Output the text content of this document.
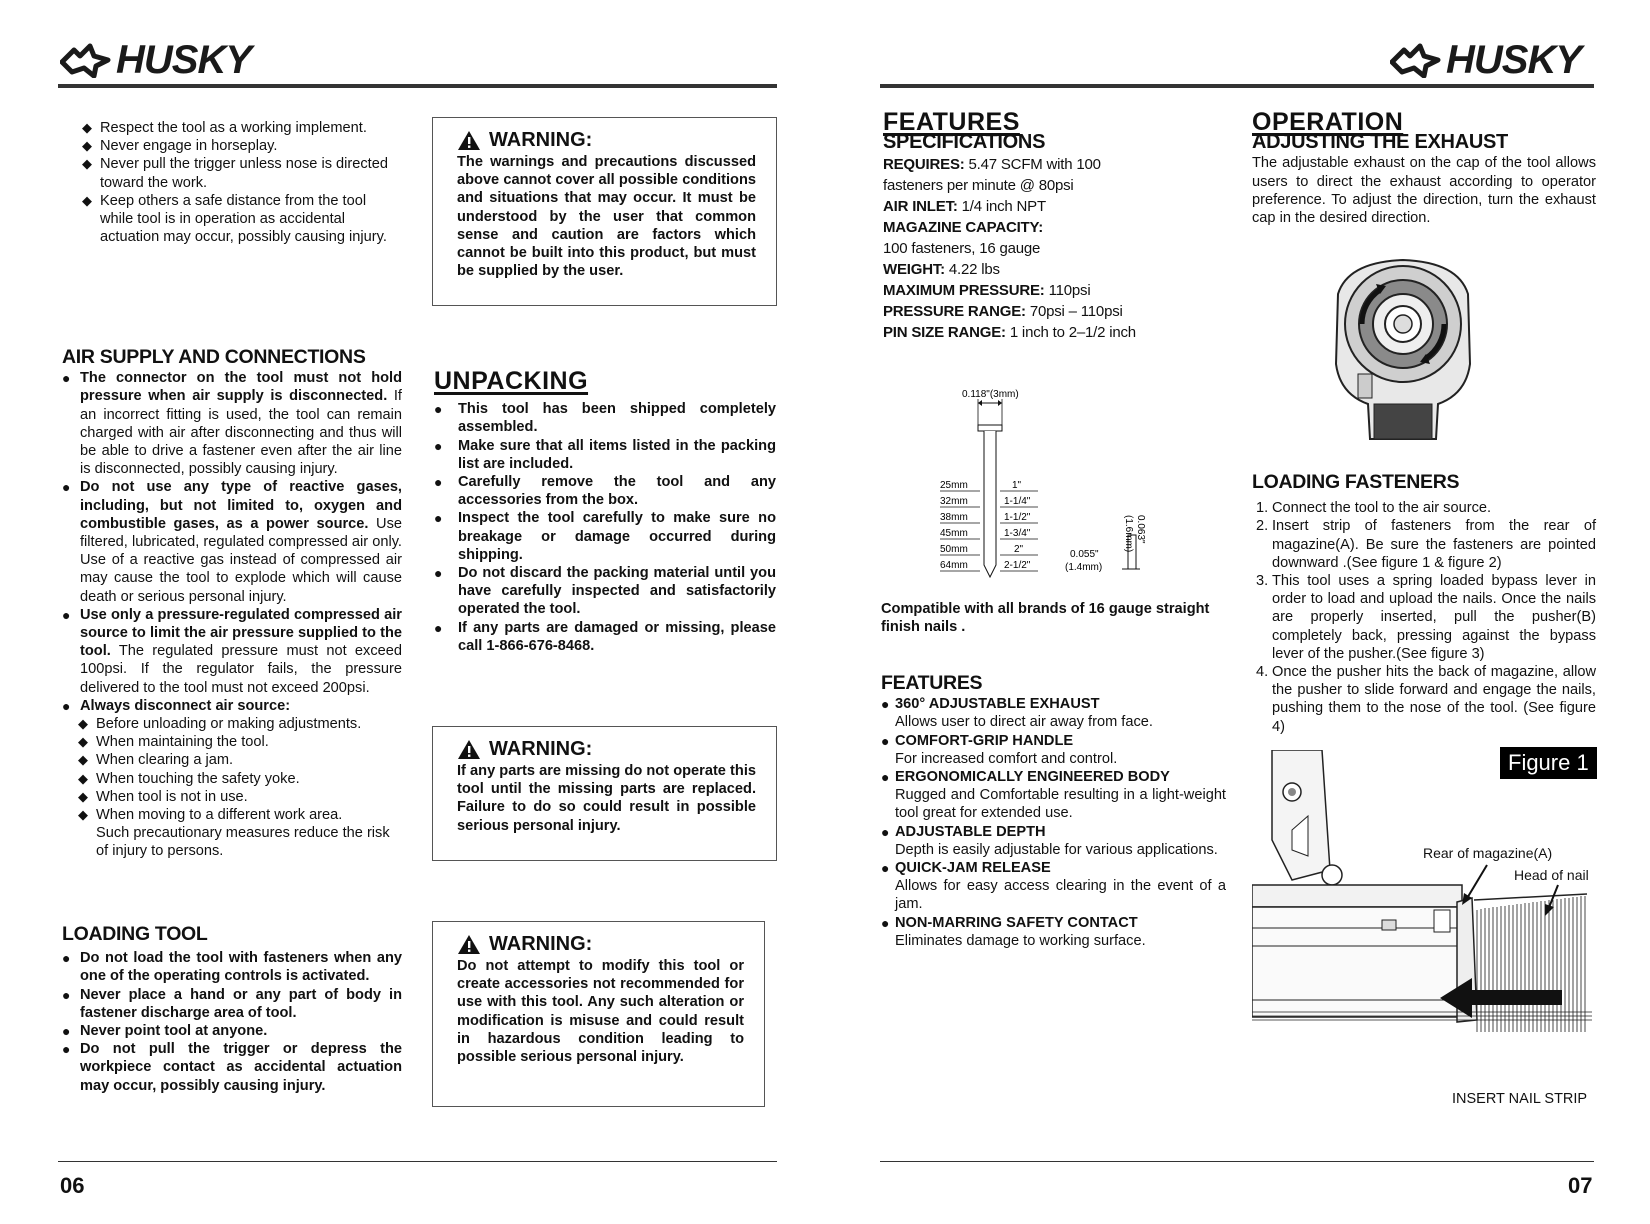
HUSKY
◆ Respect the tool as a working implement.
◆ Never engage in horseplay.
◆ Never pull the trigger unless nose is directed toward the work.
◆ Keep others a safe distance from the tool while tool is in operation as accidental actuation may occur, possibly causing injury.
WARNING:

The warnings and precautions discussed above cannot cover all possible conditions and situations that may occur. It must be understood by the user that common sense and caution are factors which cannot be built into this product, but must be supplied by the user.

AIR SUPPLY AND CONNECTIONS
● The connector on the tool must not hold pressure when air supply is disconnected. If an incorrect fitting is used, the tool can remain charged with air after disconnecting and thus will be able to drive a fastener even after the air line is disconnected, possibly causing injury.
● Do not use any type of reactive gases, including, but not limited to, oxygen and combustible gases, as a power source. Use filtered, lubricated, regulated compressed air only. Use of a reactive gas instead of compressed air may cause the tool to explode which will cause death or serious personal injury.
● Use only a pressure-regulated compressed air source to limit the air pressure supplied to the tool. The regulated pressure must not exceed 100psi. If the regulator fails, the pressure delivered to the tool must not exceed 200psi.
● Always disconnect air source:
◆ Before unloading or making adjustments.
◆ When maintaining the tool.
◆ When clearing a jam.
◆ When touching the safety yoke.
◆ When tool is not in use.
◆ When moving to a different work area.

Such precautionary measures reduce the risk of injury to persons.

UNPACKING
● This tool has been shipped completely assembled.
● Make sure that all items listed in the packing list are included.
● Carefully remove the tool and any accessories from the box.
● Inspect the tool carefully to make sure no breakage or damage occurred during shipping.
● Do not discard the packing material until you have carefully inspected and satisfactorily operated the tool.
● If any parts are damaged or missing, please call 1-866-676-8468.
WARNING:

If any parts are missing do not operate this tool until the missing parts are replaced. Failure to do so could result in possible serious personal injury.

LOADING TOOL
● Do not load the tool with fasteners when any one of the operating controls is activated.
● Never place a hand or any part of body in fastener discharge area of tool.
● Never point tool at anyone.
● Do not pull the trigger or depress the workpiece contact as accidental actuation may occur, possibly causing injury.
WARNING:

Do not attempt to modify this tool or create accessories not recommended for use with this tool. Any such alteration or modification is misuse and could result in hazardous condition leading to possible serious personal injury.

06
HUSKY
FEATURES
SPECIFICATIONS

REQUIRES: 5.47 SCFM with 100

fasteners per minute @ 80psi

AIR INLET: 1/4 inch NPT

MAGAZINE CAPACITY:

100 fasteners, 16 gauge

WEIGHT: 4.22 lbs

MAXIMUM PRESSURE: 110psi

PRESSURE RANGE: 70psi – 110psi

PIN SIZE RANGE: 1 inch to 2–1/2 inch

0.118"(3mm)
25mm
32mm
38mm
45mm
50mm
64mm
1"
1-1/4"
1-1/2"
1-3/4"
2"
2-1/2"
0.055"
(1.4mm)
0.063"
(1.6mm)

Compatible with all brands of 16 gauge straight finish nails .

FEATURES
● 360° ADJUSTABLE EXHAUST

Allows user to direct air away from face.

● COMFORT-GRIP HANDLE

For increased comfort and control.

● ERGONOMICALLY ENGINEERED BODY

Rugged and Comfortable resulting in a light-weight tool great for extended use.

● ADJUSTABLE DEPTH

Depth is easily adjustable for various applications.

● QUICK-JAM RELEASE

Allows for easy access clearing in the event of a jam.

● NON-MARRING SAFETY CONTACT

Eliminates damage to working surface.

OPERATION
ADJUSTING THE EXHAUST

The adjustable exhaust on the cap of the tool allows users to direct the exhaust according to operator preference. To adjust the direction, turn the exhaust cap in the desired direction.

LOADING FASTENERS
1. Connect the tool to the air source.
2. Insert strip of fasteners from the rear of magazine(A). Be sure the fasteners are pointed downward .(See figure 1 & figure 2)
3. This tool uses a spring loaded bypass lever in order to load and upload the nails. Once the nails are properly inserted, pull the pusher(B) completely back, pressing against the bypass lever of the pusher.(See figure 3)
4. Once the pusher hits the back of magazine, allow the pusher to slide forward and engage the nails, pushing them to the nose of the tool. (See figure 4)
Figure 1
Rear of magazine(A)
Head of nail
INSERT NAIL STRIP
07
